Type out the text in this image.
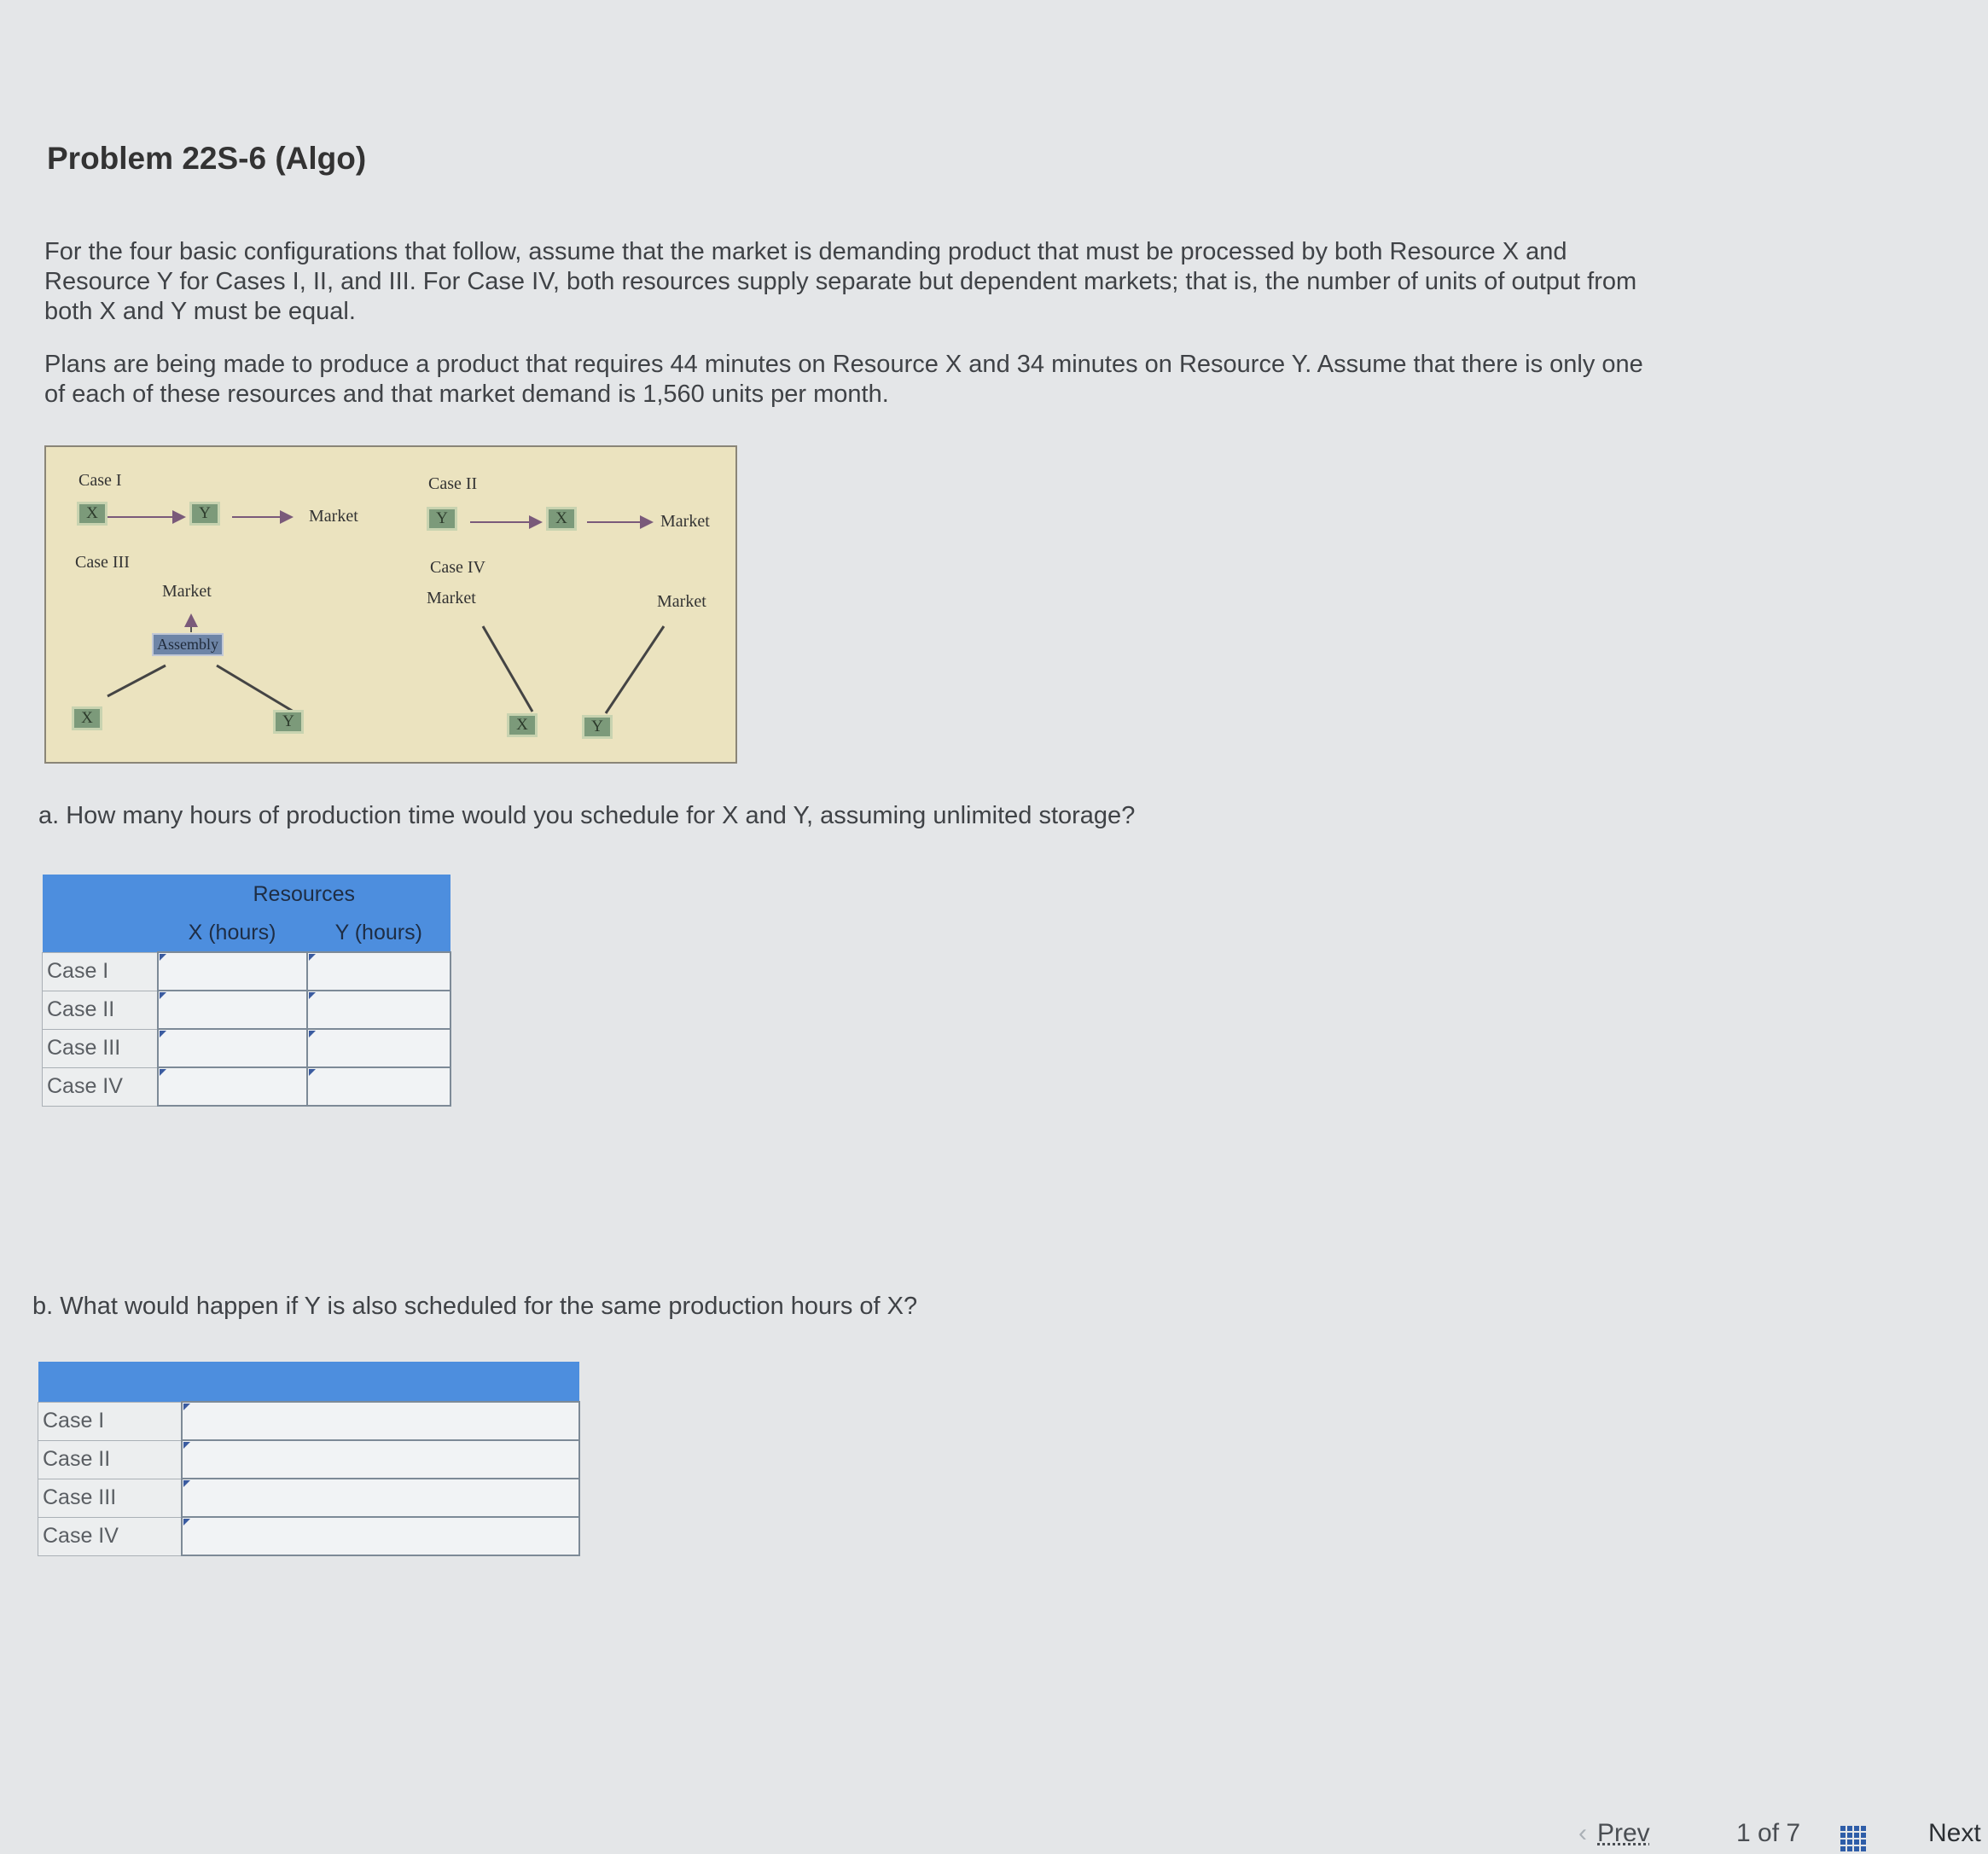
Problem 22S-6 (Algo)
For the four basic configurations that follow, assume that the market is demanding product that must be processed by both Resource X and Resource Y for Cases I, II, and III. For Case IV, both resources supply separate but dependent markets; that is, the number of units of output from both X and Y must be equal.
Plans are being made to produce a product that requires 44 minutes on Resource X and 34 minutes on Resource Y. Assume that there is only one of each of these resources and that market demand is 1,560 units per month.
Case I
X	Y	Market
Case II
Y	X	Market
Case III
Market
Assembly
X	Y
Case IV
Market	Market
X	Y
a. How many hours of production time would you schedule for X and Y, assuming unlimited storage?
	Resources	
	X (hours)	Y (hours)
Case I		
Case II		
Case III		
Case IV		
b. What would happen if Y is also scheduled for the same production hours of X?

Case I	
Case II	
Case III	
Case IV	
‹ Prev	1 of 7	Next
